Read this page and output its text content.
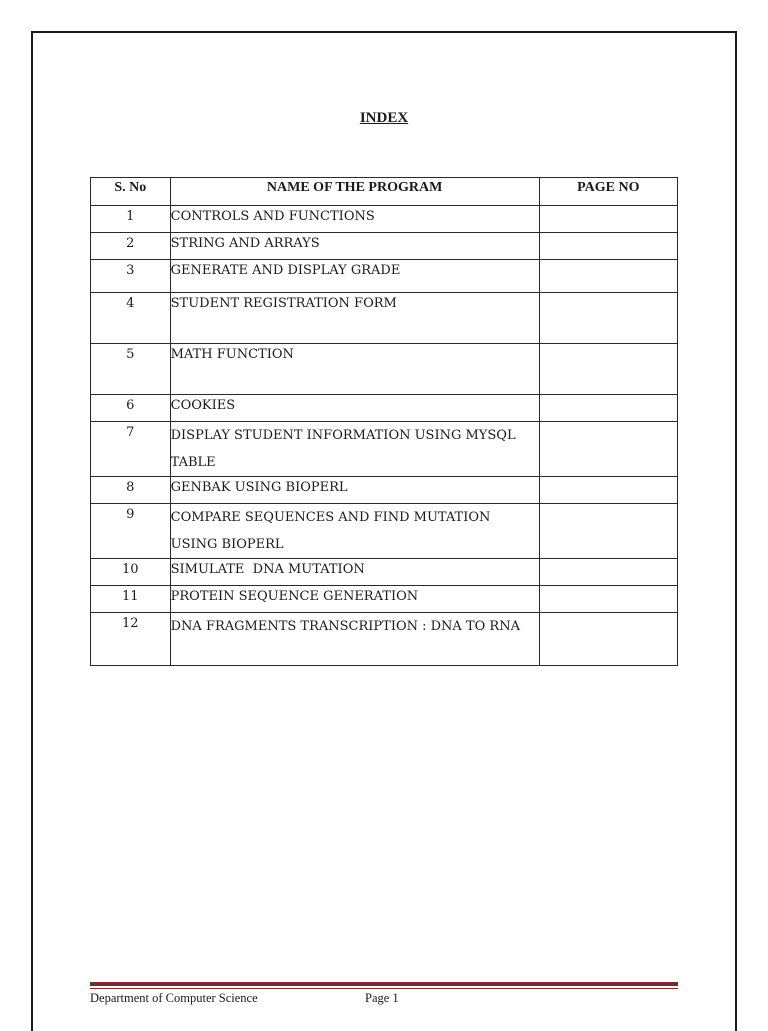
INDEX
S. No	NAME OF THE PROGRAM	PAGE NO
1	CONTROLS AND FUNCTIONS	
2	STRING AND ARRAYS	
3	GENERATE AND DISPLAY GRADE	
4	STUDENT REGISTRATION FORM	
5	MATH FUNCTION	
6	COOKIES	
7	DISPLAY STUDENT INFORMATION USING MYSQL TABLE	
8	GENBAK USING BIOPERL	
9	COMPARE SEQUENCES AND FIND MUTATION USING BIOPERL	
10	SIMULATE  DNA MUTATION	
11	PROTEIN SEQUENCE GENERATION	
12	DNA FRAGMENTS TRANSCRIPTION : DNA TO RNA	
Department of Computer Science	Page 1
